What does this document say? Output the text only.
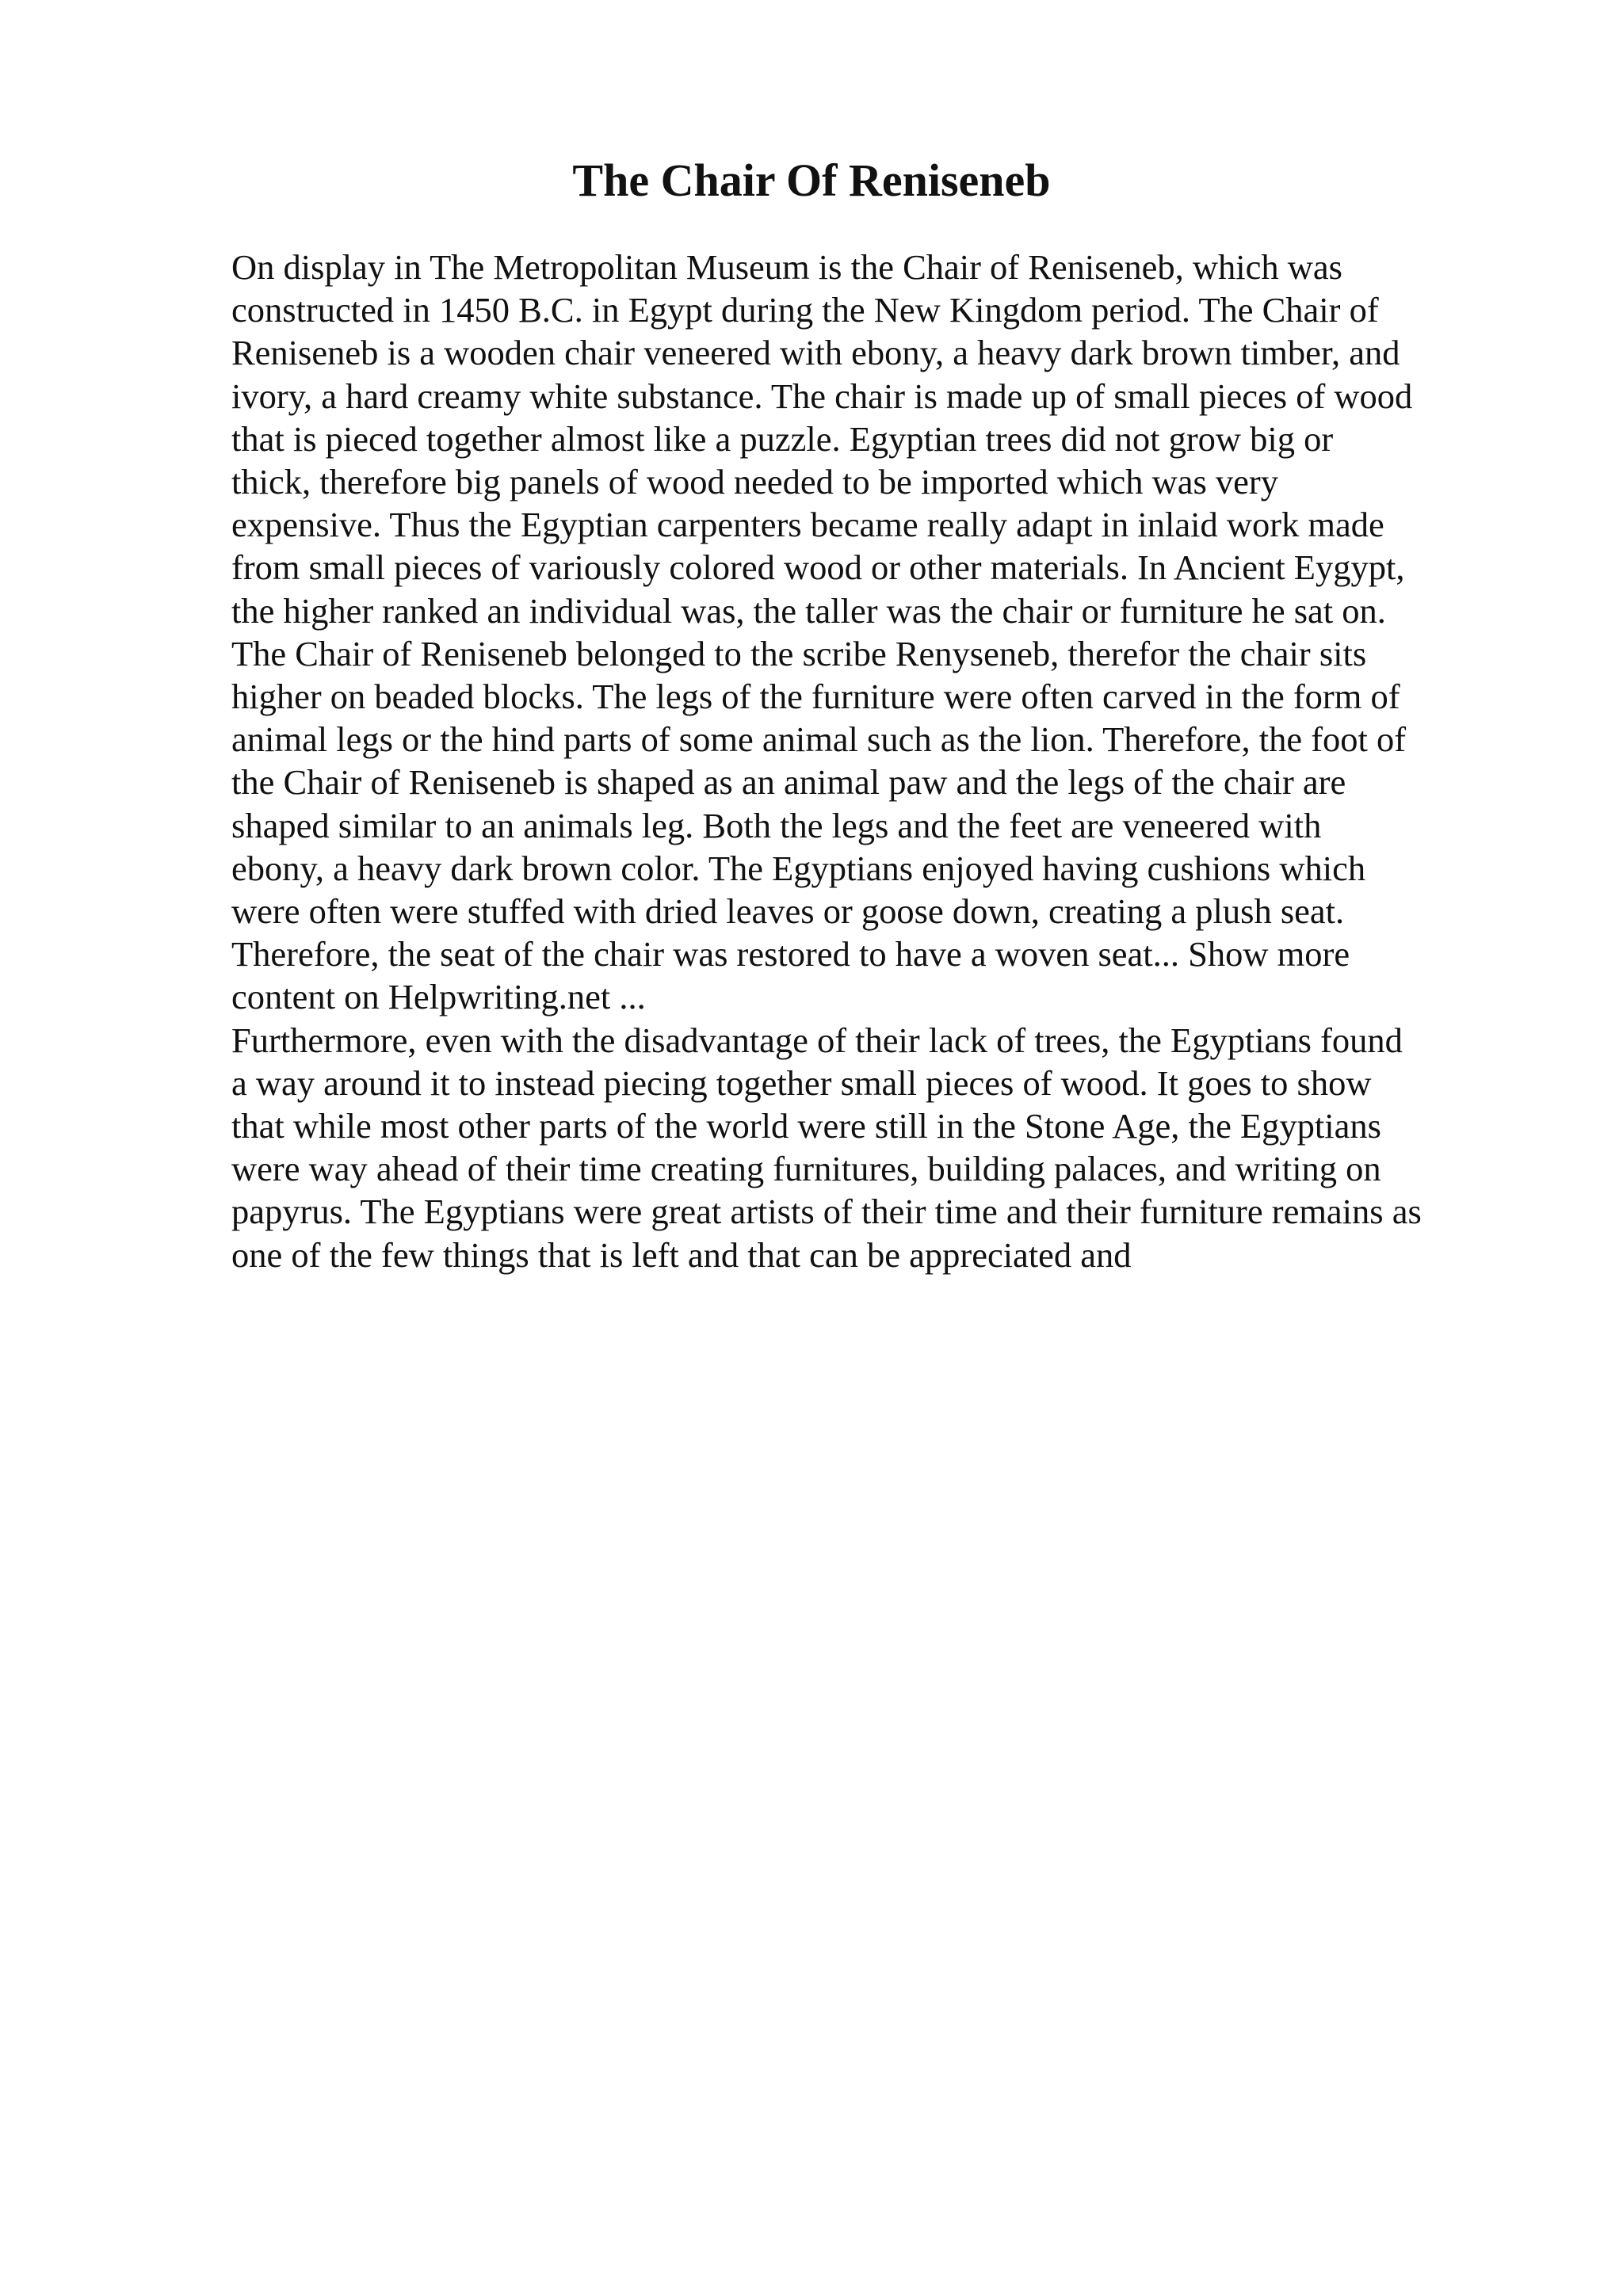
The Chair Of Reniseneb
On display in The Metropolitan Museum is the Chair of Reniseneb, which was
constructed in 1450 B.C. in Egypt during the New Kingdom period. The Chair of
Reniseneb is a wooden chair veneered with ebony, a heavy dark brown timber, and
ivory, a hard creamy white substance. The chair is made up of small pieces of wood
that is pieced together almost like a puzzle. Egyptian trees did not grow big or
thick, therefore big panels of wood needed to be imported which was very
expensive. Thus the Egyptian carpenters became really adapt in inlaid work made
from small pieces of variously colored wood or other materials. In Ancient Eygypt,
the higher ranked an individual was, the taller was the chair or furniture he sat on.
The Chair of Reniseneb belonged to the scribe Renyseneb, therefor the chair sits
higher on beaded blocks. The legs of the furniture were often carved in the form of
animal legs or the hind parts of some animal such as the lion. Therefore, the foot of
the Chair of Reniseneb is shaped as an animal paw and the legs of the chair are
shaped similar to an animals leg. Both the legs and the feet are veneered with
ebony, a heavy dark brown color. The Egyptians enjoyed having cushions which
were often were stuffed with dried leaves or goose down, creating a plush seat.
Therefore, the seat of the chair was restored to have a woven seat... Show more
content on Helpwriting.net ...
Furthermore, even with the disadvantage of their lack of trees, the Egyptians found
a way around it to instead piecing together small pieces of wood. It goes to show
that while most other parts of the world were still in the Stone Age, the Egyptians
were way ahead of their time creating furnitures, building palaces, and writing on
papyrus. The Egyptians were great artists of their time and their furniture remains as
one of the few things that is left and that can be appreciated and
